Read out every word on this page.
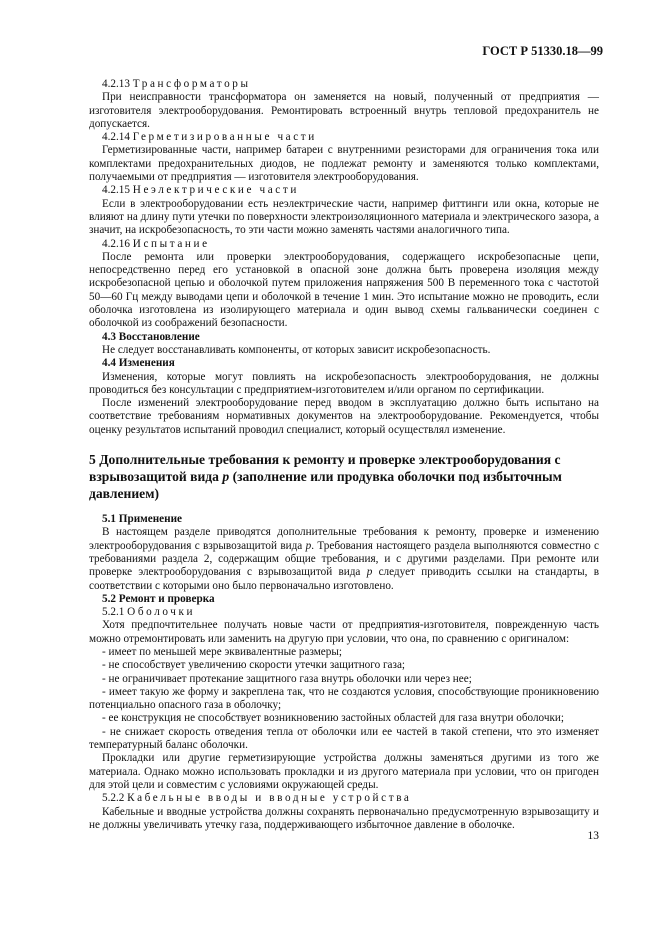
ГОСТ Р 51330.18—99

4.2.13 Трансформаторы

При неисправности трансформатора он заменяется на новый, полученный от предприятия — изготовителя электрооборудования. Ремонтировать встроенный внутрь тепловой предохранитель не допускается.

4.2.14 Герметизированные части

Герметизированные части, например батареи с внутренними резисторами для ограничения тока или комплектами предохранительных диодов, не подлежат ремонту и заменяются только комплектами, получаемыми от предприятия — изготовителя электрооборудования.

4.2.15 Неэлектрические части

Если в электрооборудовании есть неэлектрические части, например фиттинги или окна, которые не влияют на длину пути утечки по поверхности электроизоляционного материала и электрического зазора, а значит, на искробезопасность, то эти части можно заменять частями аналогичного типа.

4.2.16 Испытание

После ремонта или проверки электрооборудования, содержащего искробезопасные цепи, непосредственно перед его установкой в опасной зоне должна быть проверена изоляция между искробезопасной цепью и оболочкой путем приложения напряжения 500 В переменного тока с частотой 50—60 Гц между выводами цепи и оболочкой в течение 1 мин. Это испытание можно не проводить, если оболочка изготовлена из изолирующего материала и один вывод схемы гальванически соединен с оболочкой из соображений безопасности.

4.3 Восстановление

Не следует восстанавливать компоненты, от которых зависит искробезопасность.

4.4 Изменения

Изменения, которые могут повлиять на искробезопасность электрооборудования, не должны проводиться без консультации с предприятием-изготовителем и/или органом по сертификации.

После изменений электрооборудование перед вводом в эксплуатацию должно быть испытано на соответствие требованиям нормативных документов на электрооборудование. Рекомендуется, чтобы оценку результатов испытаний проводил специалист, который осуществлял изменение.

5 Дополнительные требования к ремонту и проверке электрооборудования с взрывозащитой вида p (заполнение или продувка оболочки под избыточным давлением)

5.1 Применение

В настоящем разделе приводятся дополнительные требования к ремонту, проверке и изменению электрооборудования с взрывозащитой вида p. Требования настоящего раздела выполняются совместно с требованиями раздела 2, содержащим общие требования, и с другими разделами. При ремонте или проверке электрооборудования с взрывозащитой вида p следует приводить ссылки на стандарты, в соответствии с которыми оно было первоначально изготовлено.

5.2 Ремонт и проверка

5.2.1 Оболочки

Хотя предпочтительнее получать новые части от предприятия-изготовителя, поврежденную часть можно отремонтировать или заменить на другую при условии, что она, по сравнению с оригиналом:

- имеет по меньшей мере эквивалентные размеры;

- не способствует увеличению скорости утечки защитного газа;

- не ограничивает протекание защитного газа внутрь оболочки или через нее;

- имеет такую же форму и закреплена так, что не создаются условия, способствующие проникновению потенциально опасного газа в оболочку;

- ее конструкция не способствует возникновению застойных областей для газа внутри оболочки;

- не снижает скорость отведения тепла от оболочки или ее частей в такой степени, что это изменяет температурный баланс оболочки.

Прокладки или другие герметизирующие устройства должны заменяться другими из того же материала. Однако можно использовать прокладки и из другого материала при условии, что он пригоден для этой цели и совместим с условиями окружающей среды.

5.2.2 Кабельные вводы и вводные устройства

Кабельные и вводные устройства должны сохранять первоначально предусмотренную взрывозащиту и не должны увеличивать утечку газа, поддерживающего избыточное давление в оболочке.

13
